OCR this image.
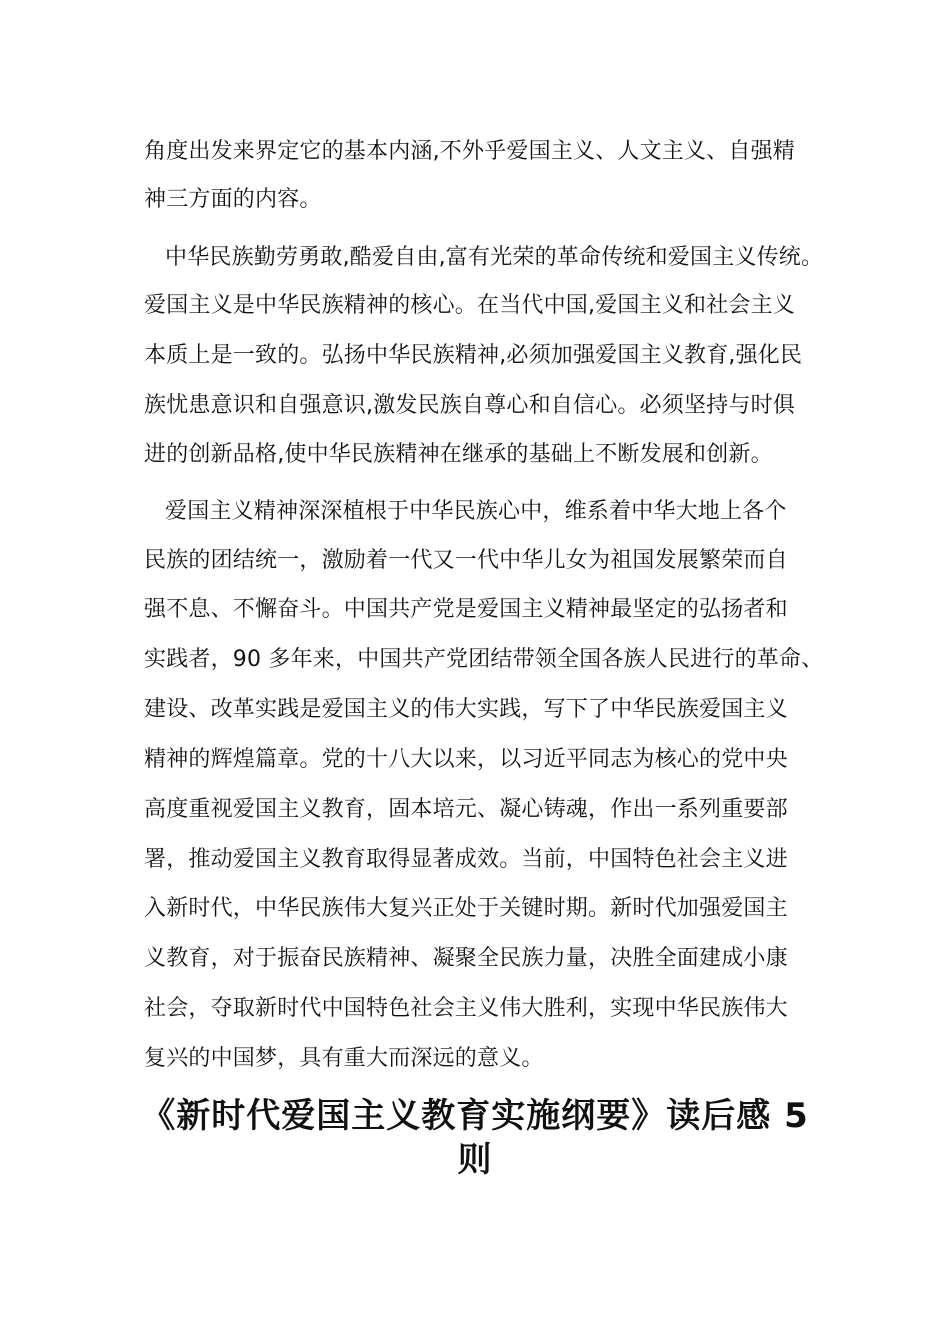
角度出发来界定它的基本内涵,不外乎爱国主义、人文主义、自强精
神三方面的内容。
中华民族勤劳勇敢,酷爱自由,富有光荣的革命传统和爱国主义传统。
爱国主义是中华民族精神的核心。在当代中国,爱国主义和社会主义
本质上是一致的。弘扬中华民族精神,必须加强爱国主义教育,强化民
族忧患意识和自强意识,激发民族自尊心和自信心。必须坚持与时俱
进的创新品格,使中华民族精神在继承的基础上不断发展和创新。
爱国主义精神深深植根于中华民族心中，维系着中华大地上各个
民族的团结统一，激励着一代又一代中华儿女为祖国发展繁荣而自
强不息、不懈奋斗。中国共产党是爱国主义精神最坚定的弘扬者和
实践者，90 多年来，中国共产党团结带领全国各族人民进行的革命、
建设、改革实践是爱国主义的伟大实践，写下了中华民族爱国主义
精神的辉煌篇章。党的十八大以来，以习近平同志为核心的党中央
高度重视爱国主义教育，固本培元、凝心铸魂，作出一系列重要部
署，推动爱国主义教育取得显著成效。当前，中国特色社会主义进
入新时代，中华民族伟大复兴正处于关键时期。新时代加强爱国主
义教育，对于振奋民族精神、凝聚全民族力量，决胜全面建成小康
社会，夺取新时代中国特色社会主义伟大胜利，实现中华民族伟大
复兴的中国梦，具有重大而深远的意义。
《新时代爱国主义教育实施纲要》读后感 5
则
